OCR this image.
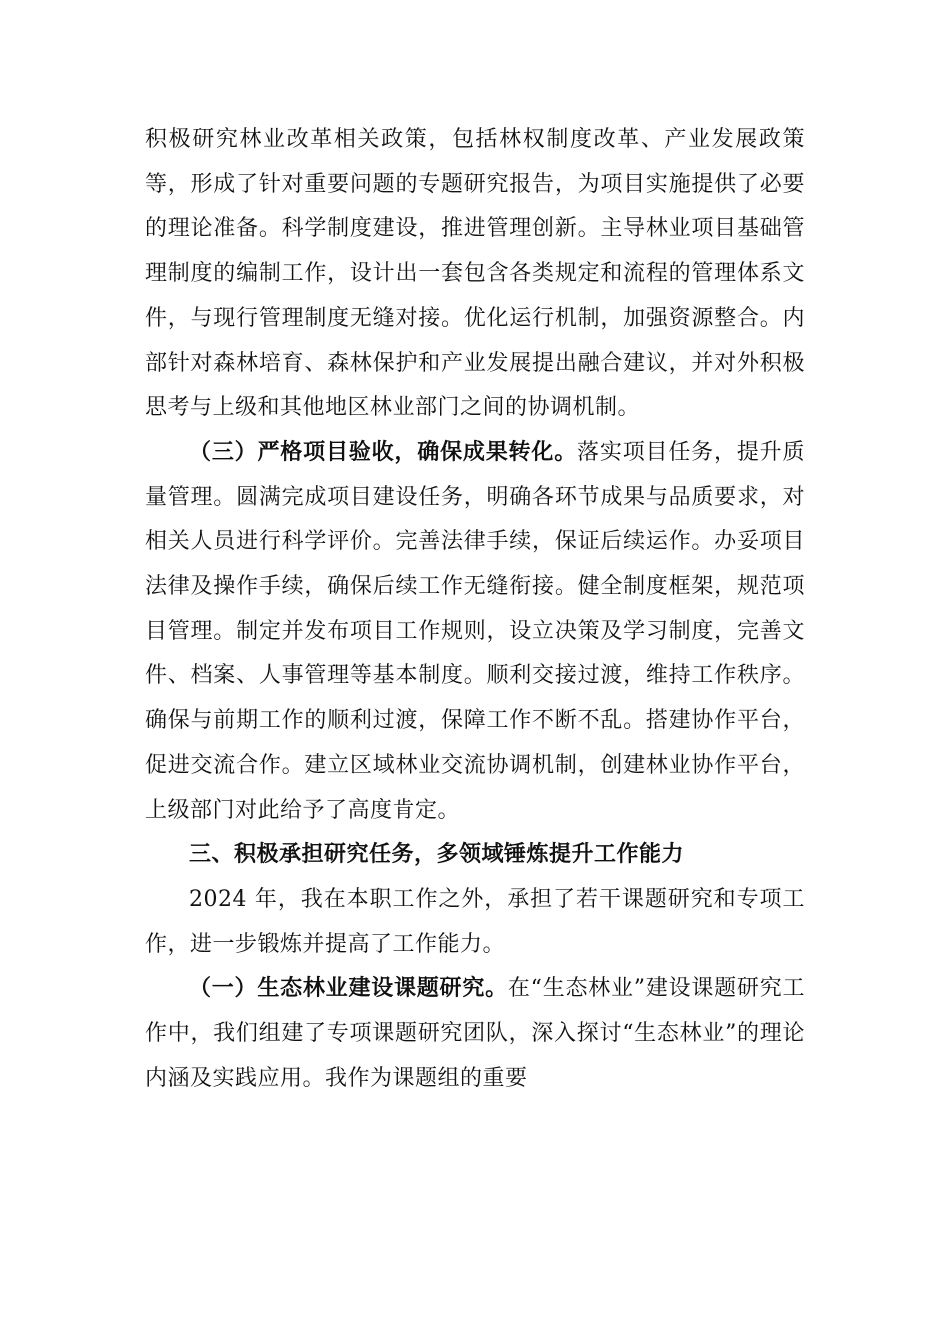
积极研究林业改革相关政策，包括林权制度改革、产业发展政策等，形成了针对重要问题的专题研究报告，为项目实施提供了必要的理论准备。科学制度建设，推进管理创新。主导林业项目基础管理制度的编制工作，设计出一套包含各类规定和流程的管理体系文件，与现行管理制度无缝对接。优化运行机制，加强资源整合。内部针对森林培育、森林保护和产业发展提出融合建议，并对外积极思考与上级和其他地区林业部门之间的协调机制。

（三）严格项目验收，确保成果转化。落实项目任务，提升质量管理。圆满完成项目建设任务，明确各环节成果与品质要求，对相关人员进行科学评价。完善法律手续，保证后续运作。办妥项目法律及操作手续，确保后续工作无缝衔接。健全制度框架，规范项目管理。制定并发布项目工作规则，设立决策及学习制度，完善文件、档案、人事管理等基本制度。顺利交接过渡，维持工作秩序。确保与前期工作的顺利过渡，保障工作不断不乱。搭建协作平台，促进交流合作。建立区域林业交流协调机制，创建林业协作平台，上级部门对此给予了高度肯定。

三、积极承担研究任务，多领域锤炼提升工作能力

2024 年，我在本职工作之外，承担了若干课题研究和专项工作，进一步锻炼并提高了工作能力。

（一）生态林业建设课题研究。在“生态林业”建设课题研究工作中，我们组建了专项课题研究团队，深入探讨“生态林业”的理论内涵及实践应用。我作为课题组的重要
